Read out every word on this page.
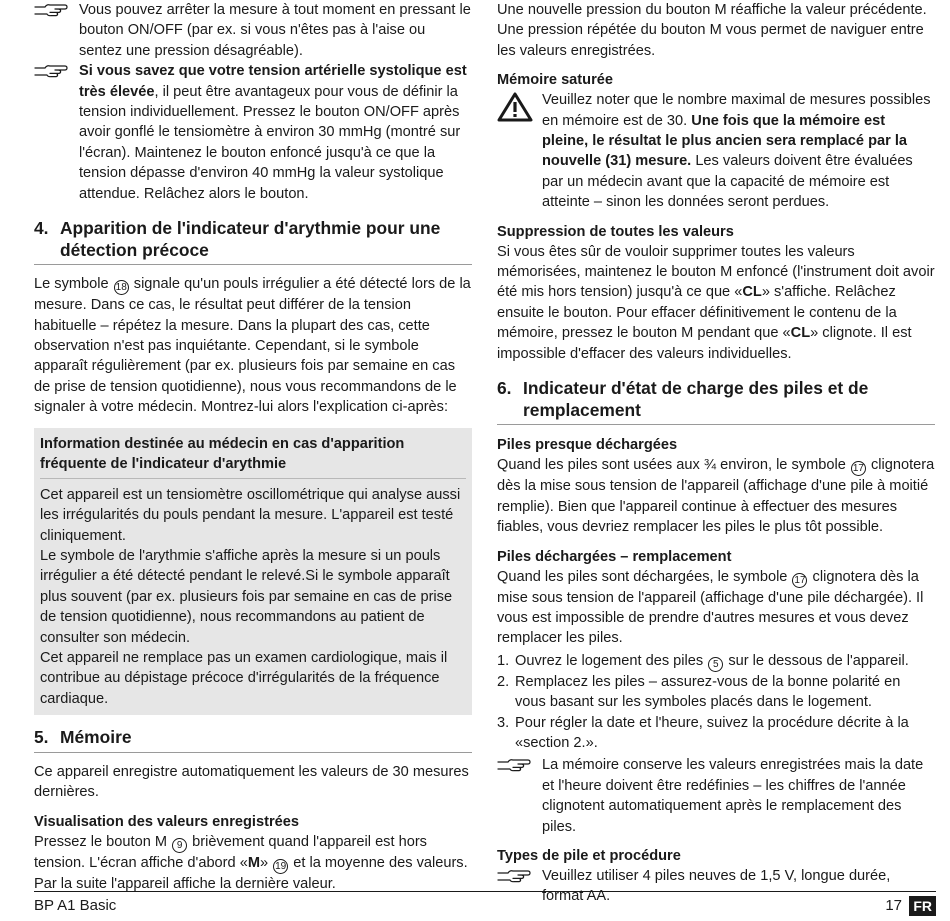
Vous pouvez arrêter la mesure à tout moment en pressant le bouton ON/OFF (par ex. si vous n'êtes pas à l'aise ou sentez une pression désagréable).

Si vous savez que votre tension artérielle systolique est très élevée, il peut être avantageux pour vous de définir la tension individuellement. Pressez le bouton ON/OFF après avoir gonflé le tensiomètre à environ 30 mmHg (montré sur l'écran). Maintenez le bouton enfoncé jusqu'à ce que la tension dépasse d'environ 40 mmHg la valeur systolique attendue. Relâchez alors le bouton.

4. Apparition de l'indicateur d'arythmie pour une détection précoce

Le symbole 18 signale qu'un pouls irrégulier a été détecté lors de la mesure. Dans ce cas, le résultat peut différer de la tension habituelle – répétez la mesure. Dans la plupart des cas, cette observation n'est pas inquiétante. Cependant, si le symbole apparaît régulièrement (par ex. plusieurs fois par semaine en cas de prise de tension quotidienne), nous vous recommandons de le signaler à votre médecin. Montrez-lui alors l'explication ci-après:

Information destinée au médecin en cas d'apparition fréquente de l'indicateur d'arythmie

Cet appareil est un tensiomètre oscillométrique qui analyse aussi les irrégularités du pouls pendant la mesure. L'appareil est testé cliniquement.

Le symbole de l'arythmie s'affiche après la mesure si un pouls irrégulier a été détecté pendant le relevé.Si le symbole apparaît plus souvent (par ex. plusieurs fois par semaine en cas de prise de tension quotidienne), nous recommandons au patient de consulter son médecin.

Cet appareil ne remplace pas un examen cardiologique, mais il contribue au dépistage précoce d'irrégularités de la fréquence cardiaque.

5. Mémoire

Ce appareil enregistre automatiquement les valeurs de 30 mesures dernières.

Visualisation des valeurs enregistrées

Pressez le bouton M 9 brièvement quand l'appareil est hors tension. L'écran affiche d'abord «M» 19 et la moyenne des valeurs. Par la suite l'appareil affiche la dernière valeur.

Une nouvelle pression du bouton M réaffiche la valeur précédente. Une pression répétée du bouton M vous permet de naviguer entre les valeurs enregistrées.

Mémoire saturée

Veuillez noter que le nombre maximal de mesures possibles en mémoire est de 30. Une fois que la mémoire est pleine, le résultat le plus ancien sera remplacé par la nouvelle (31) mesure. Les valeurs doivent être évaluées par un médecin avant que la capacité de mémoire est atteinte – sinon les données seront perdues.

Suppression de toutes les valeurs

Si vous êtes sûr de vouloir supprimer toutes les valeurs mémorisées, maintenez le bouton M enfoncé (l'instrument doit avoir été mis hors tension) jusqu'à ce que «CL» s'affiche. Relâchez ensuite le bouton. Pour effacer définitivement le contenu de la mémoire, pressez le bouton M pendant que «CL» clignote. Il est impossible d'effacer des valeurs individuelles.

6. Indicateur d'état de charge des piles et de remplacement

Piles presque déchargées

Quand les piles sont usées aux ¾ environ, le symbole 17 clignotera dès la mise sous tension de l'appareil (affichage d'une pile à moitié remplie). Bien que l'appareil continue à effectuer des mesures fiables, vous devriez remplacer les piles le plus tôt possible.

Piles déchargées – remplacement

Quand les piles sont déchargées, le symbole 17 clignotera dès la mise sous tension de l'appareil (affichage d'une pile déchargée). Il vous est impossible de prendre d'autres mesures et vous devez remplacer les piles.

1. Ouvrez le logement des piles 5 sur le dessous de l'appareil.
2. Remplacez les piles – assurez-vous de la bonne polarité en vous basant sur les symboles placés dans le logement.
3. Pour régler la date et l'heure, suivez la procédure décrite à la «section 2.».

La mémoire conserve les valeurs enregistrées mais la date et l'heure doivent être redéfinies – les chiffres de l'année clignotent automatiquement après le remplacement des piles.

Types de pile et procédure

Veuillez utiliser 4 piles neuves de 1,5 V, longue durée, format AA.

BP A1 Basic	17 FR
